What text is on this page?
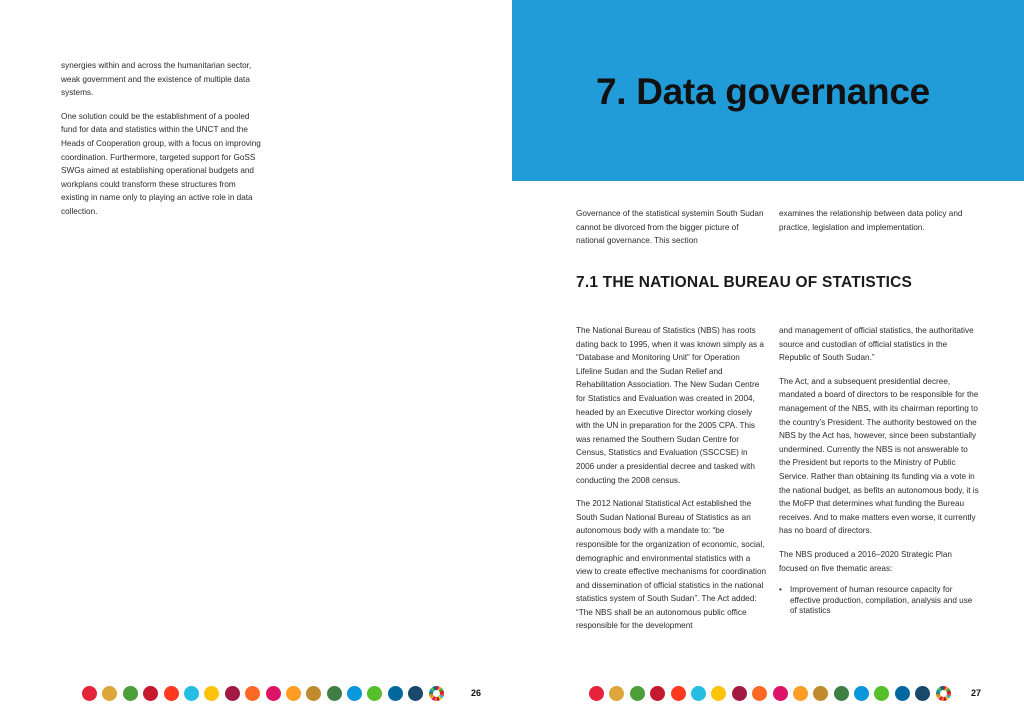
synergies within and across the humanitarian sector, weak government and the existence of multiple data systems.

One solution could be the establishment of a pooled fund for data and statistics within the UNCT and the Heads of Cooperation group, with a focus on improving coordination. Furthermore, targeted support for GoSS SWGs aimed at establishing operational budgets and workplans could transform these structures from existing in name only to playing an active role in data collection.

26
7. Data governance

Governance of the statistical systemin South Sudan cannot be divorced from the bigger picture of national governance. This section

examines the relationship between data policy and practice, legislation and implementation.

7.1 THE NATIONAL BUREAU OF STATISTICS

The National Bureau of Statistics (NBS) has roots dating back to 1995, when it was known simply as a “Database and Monitoring Unit” for Operation Lifeline Sudan and the Sudan Relief and Rehabilitation Association. The New Sudan Centre for Statistics and Evaluation was created in 2004, headed by an Executive Director working closely with the UN in preparation for the 2005 CPA. This was renamed the Southern Sudan Centre for Census, Statistics and Evaluation (SSCCSE) in 2006 under a presidential decree and tasked with conducting the 2008 census.

The 2012 National Statistical Act established the South Sudan National Bureau of Statistics as an autonomous body with a mandate to: “be responsible for the organization of economic, social, demographic and environmental statistics with a view to create effective mechanisms for coordination and dissemination of official statistics in the national statistics system of South Sudan”. The Act added: “The NBS shall be an autonomous public office responsible for the development

and management of official statistics, the authoritative source and custodian of official statistics in the Republic of South Sudan.”

The Act, and a subsequent presidential decree, mandated a board of directors to be responsible for the management of the NBS, with its chairman reporting to the country’s President. The authority bestowed on the NBS by the Act has, however, since been substantially undermined. Currently the NBS is not answerable to the President but reports to the Ministry of Public Service. Rather than obtaining its funding via a vote in the national budget, as befits an autonomous body, it is the MoFP that determines what funding the Bureau receives. And to make matters even worse, it currently has no board of directors.

The NBS produced a 2016–2020 Strategic Plan focused on five thematic areas:

• Improvement of human resource capacity for effective production, compilation, analysis and use of statistics
27
